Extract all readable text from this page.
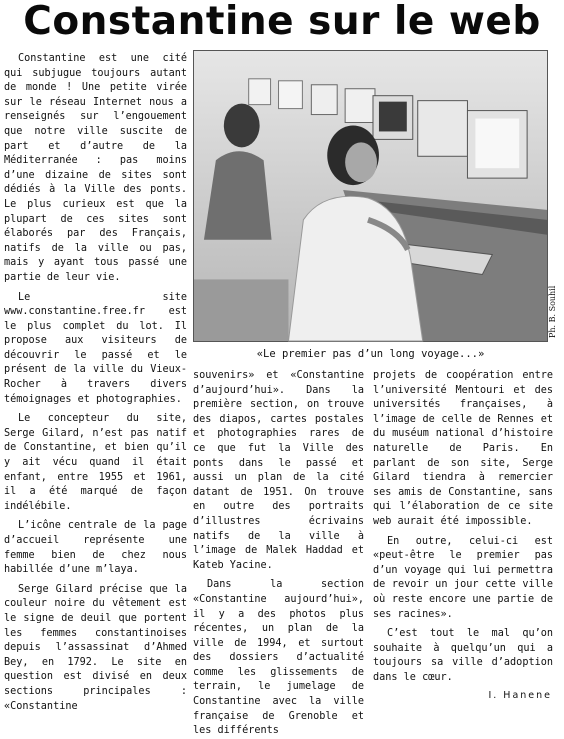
Constantine sur le web

Constantine est une cité qui subjugue toujours autant de monde ! Une petite virée sur le réseau Internet nous a renseignés sur l’engouement que notre ville suscite de part et d’autre de la Méditerranée : pas moins d’une dizaine de sites sont dédiés à la Ville des ponts. Le plus curieux est que la plupart de ces sites sont élaborés par des Français, natifs de la ville ou pas, mais y ayant tous passé une partie de leur vie.

Le site www.constantine.free.fr est le plus complet du lot. Il propose aux visiteurs de découvrir le passé et le présent de la ville du Vieux-Rocher à travers divers témoignages et photographies.

Le concepteur du site, Serge Gilard, n’est pas natif de Constantine, et bien qu’il y ait vécu quand il était enfant, entre 1955 et 1961, il a été marqué de façon indélébile.

L’icône centrale de la page d’accueil représente une femme bien de chez nous habillée d’une m’laya.

Serge Gilard précise que la couleur noire du vêtement est le signe de deuil que portent les femmes constantinoises depuis l’assassinat d’Ahmed Bey, en 1792. Le site en question est divisé en deux sections principales : «Constantine

Ph. B. Souhil
«Le premier pas d’un long voyage...»

souvenirs» et «Constantine d’aujourd’hui». Dans la première section, on trouve des diapos, cartes postales et photographies rares de ce que fut la Ville des ponts dans le passé et aussi un plan de la cité datant de 1951. On trouve en outre des portraits d’illustres écrivains natifs de la ville à l’image de Malek Haddad et Kateb Yacine.

Dans la section «Constantine aujourd’hui», il y a des photos plus récentes, un plan de la ville de 1994, et surtout des dossiers d’actualité comme les glissements de terrain, le jumelage de Constantine avec la ville française de Grenoble et les différents

projets de coopération entre l’université Mentouri et des universités françaises, à l’image de celle de Rennes et du muséum national d’histoire naturelle de Paris. En parlant de son site, Serge Gilard tiendra à remercier ses amis de Constantine, sans qui l’élaboration de ce site web aurait été impossible.

En outre, celui-ci est «peut-être le premier pas d’un voyage qui lui permettra de revoir un jour cette ville où reste encore une partie de ses racines».

C’est tout le mal qu’on souhaite à quelqu’un qui a toujours sa ville d’adoption dans le cœur.

I. Hanene
